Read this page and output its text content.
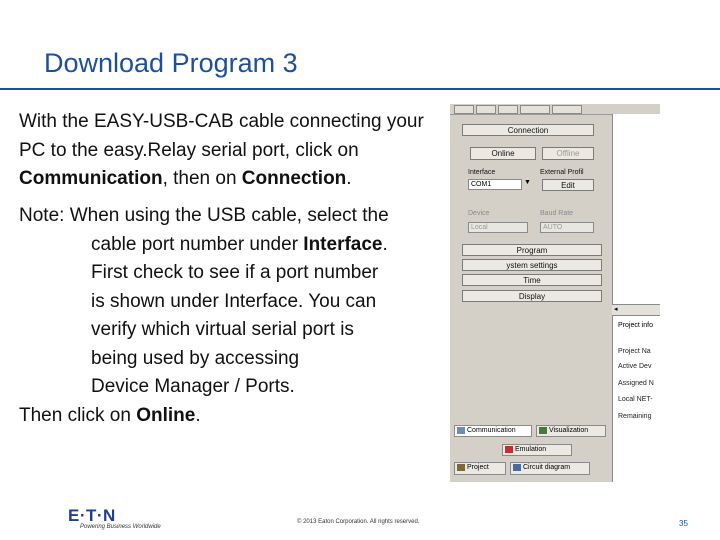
Download Program 3
With the EASY-USB-CAB cable connecting your PC to the easy.Relay serial port, click on Communication, then on Connection.
Note: When using the USB cable, select the
cable port number under Interface.
First check to see if a port number
is shown under Interface. You can
verify which virtual serial port is
being used by accessing
Device Manager / Ports.
Then click on Online.
Connection
Online	Offline
Interface	External Profil
COM1	▼	Edit
Device	Baud Rate
Local	AUTO
Program
ystem settings
Time
Display
◂
Project info
Project Na
Active Dev
Assigned N
Local NET-
Remaining
Communication	Visualization
Emulation
Project	Circuit diagram
E·T·N
Powering Business Worldwide
© 2013 Eaton Corporation. All rights reserved.	35
